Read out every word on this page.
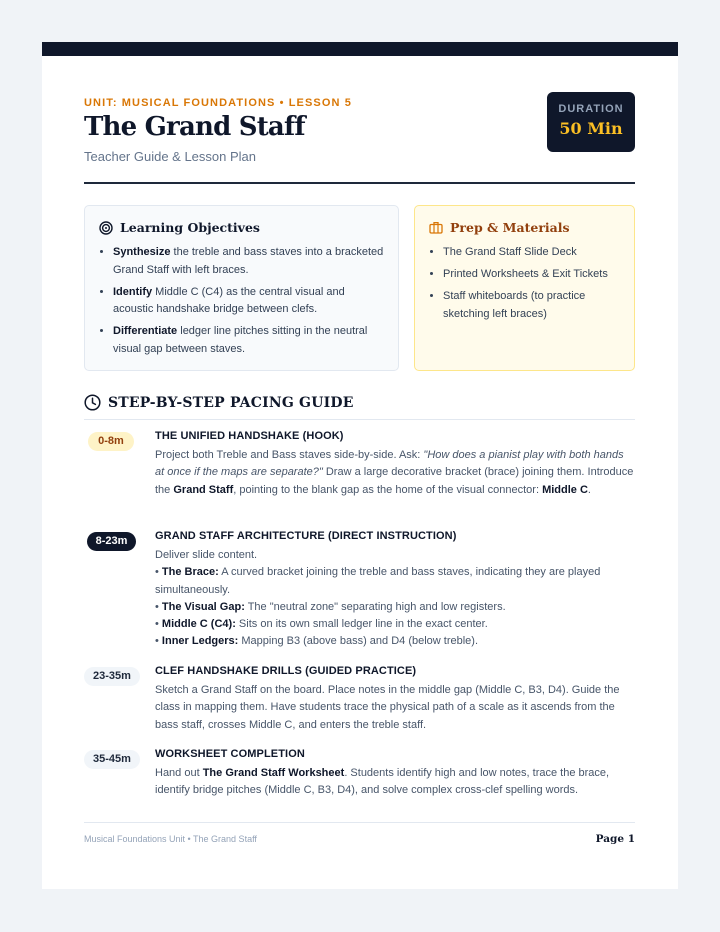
UNIT: MUSICAL FOUNDATIONS • LESSON 5
The Grand Staff
Teacher Guide & Lesson Plan
DURATION
50 Min
Learning Objectives
• Synthesize the treble and bass staves into a bracketed Grand Staff with left braces.
• Identify Middle C (C4) as the central visual and acoustic handshake bridge between clefs.
• Differentiate ledger line pitches sitting in the neutral visual gap between staves.
Prep & Materials
• The Grand Staff Slide Deck
• Printed Worksheets & Exit Tickets
• Staff whiteboards (to practice sketching left braces)
STEP-BY-STEP PACING GUIDE
0-8m	THE UNIFIED HANDSHAKE (HOOK)

Project both Treble and Bass staves side-by-side. Ask: "How does a pianist play with both hands at once if the maps are separate?" Draw a large decorative bracket (brace) joining them. Introduce the Grand Staff, pointing to the blank gap as the home of the visual connector: Middle C.

8-23m	GRAND STAFF ARCHITECTURE (DIRECT INSTRUCTION)

Deliver slide content.

• The Brace: A curved bracket joining the treble and bass staves, indicating they are played simultaneously.

• The Visual Gap: The "neutral zone" separating high and low registers.

• Middle C (C4): Sits on its own small ledger line in the exact center.

• Inner Ledgers: Mapping B3 (above bass) and D4 (below treble).

23-35m	CLEF HANDSHAKE DRILLS (GUIDED PRACTICE)
Sketch a Grand Staff on the board. Place notes in the middle gap (Middle C, B3, D4). Guide the class in mapping them. Have students trace the physical path of a scale as it ascends from the bass staff, crosses Middle C, and enters the treble staff.
35-45m	WORKSHEET COMPLETION

Hand out The Grand Staff Worksheet. Students identify high and low notes, trace the brace, identify bridge pitches (Middle C, B3, D4), and solve complex cross-clef spelling words.

Musical Foundations Unit • The Grand Staff	Page 1
